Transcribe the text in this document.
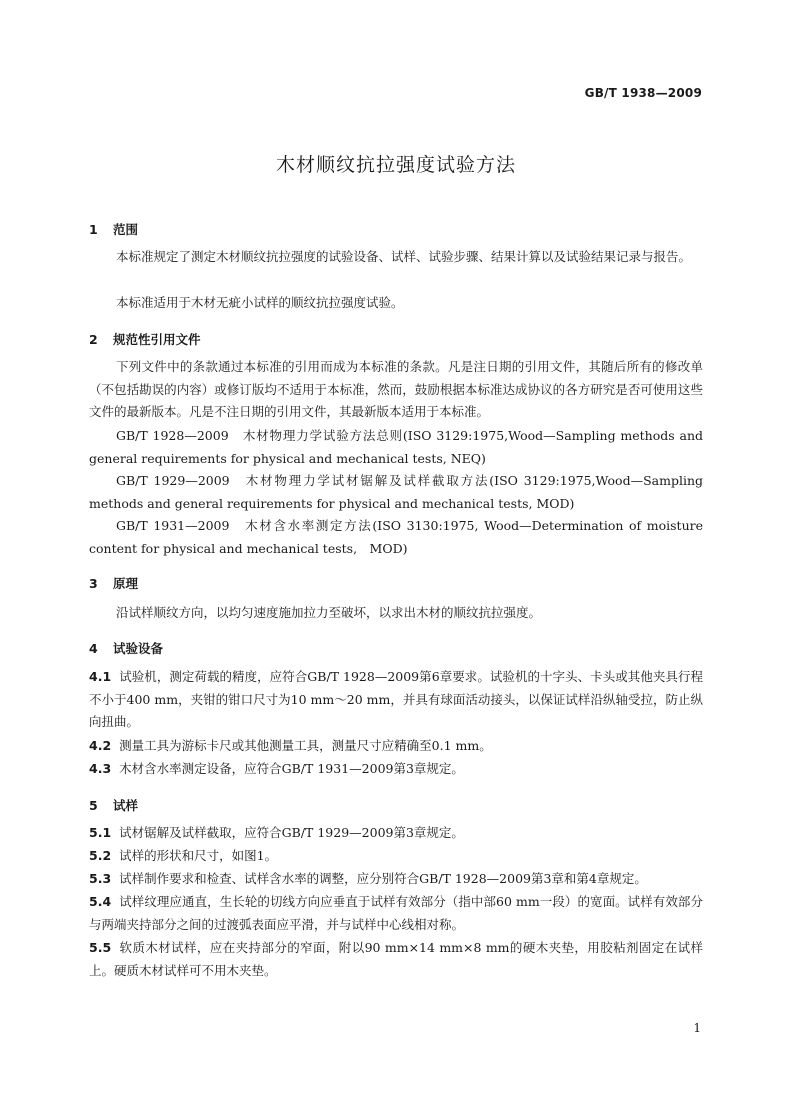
GB/T 1938—2009
木材顺纹抗拉强度试验方法
1 范围
本标准规定了测定木材顺纹抗拉强度的试验设备、试样、试验步骤、结果计算以及试验结果记录与报告。
本标准适用于木材无疵小试样的顺纹抗拉强度试验。
2 规范性引用文件
下列文件中的条款通过本标准的引用而成为本标准的条款。凡是注日期的引用文件，其随后所有的修改单（不包括勘误的内容）或修订版均不适用于本标准，然而，鼓励根据本标准达成协议的各方研究是否可使用这些文件的最新版本。凡是不注日期的引用文件，其最新版本适用于本标准。
GB/T 1928—2009　木材物理力学试验方法总则(ISO 3129:1975,Wood—Sampling methods and general requirements for physical and mechanical tests, NEQ)
GB/T 1929—2009　木材物理力学试材锯解及试样截取方法(ISO 3129:1975,Wood—Sampling methods and general requirements for physical and mechanical tests, MOD)
GB/T 1931—2009　木材含水率测定方法(ISO 3130:1975, Wood—Determination of moisture content for physical and mechanical tests,　MOD)
3 原理
沿试样顺纹方向，以均匀速度施加拉力至破坏，以求出木材的顺纹抗拉强度。
4 试验设备
4.1 试验机，测定荷载的精度，应符合GB/T 1928—2009第6章要求。试验机的十字头、卡头或其他夹具行程不小于400 mm，夹钳的钳口尺寸为10 mm～20 mm，并具有球面活动接头，以保证试样沿纵轴受拉，防止纵向扭曲。
4.2 测量工具为游标卡尺或其他测量工具，测量尺寸应精确至0.1 mm。
4.3 木材含水率测定设备，应符合GB/T 1931—2009第3章规定。
5 试样
5.1 试材锯解及试样截取，应符合GB/T 1929—2009第3章规定。
5.2 试样的形状和尺寸，如图1。
5.3 试样制作要求和检查、试样含水率的调整，应分别符合GB/T 1928—2009第3章和第4章规定。
5.4 试样纹理应通直，生长轮的切线方向应垂直于试样有效部分（指中部60 mm一段）的宽面。试样有效部分与两端夹持部分之间的过渡弧表面应平滑，并与试样中心线相对称。
5.5 软质木材试样，应在夹持部分的窄面，附以90 mm×14 mm×8 mm的硬木夹垫，用胶粘剂固定在试样上。硬质木材试样可不用木夹垫。
1
